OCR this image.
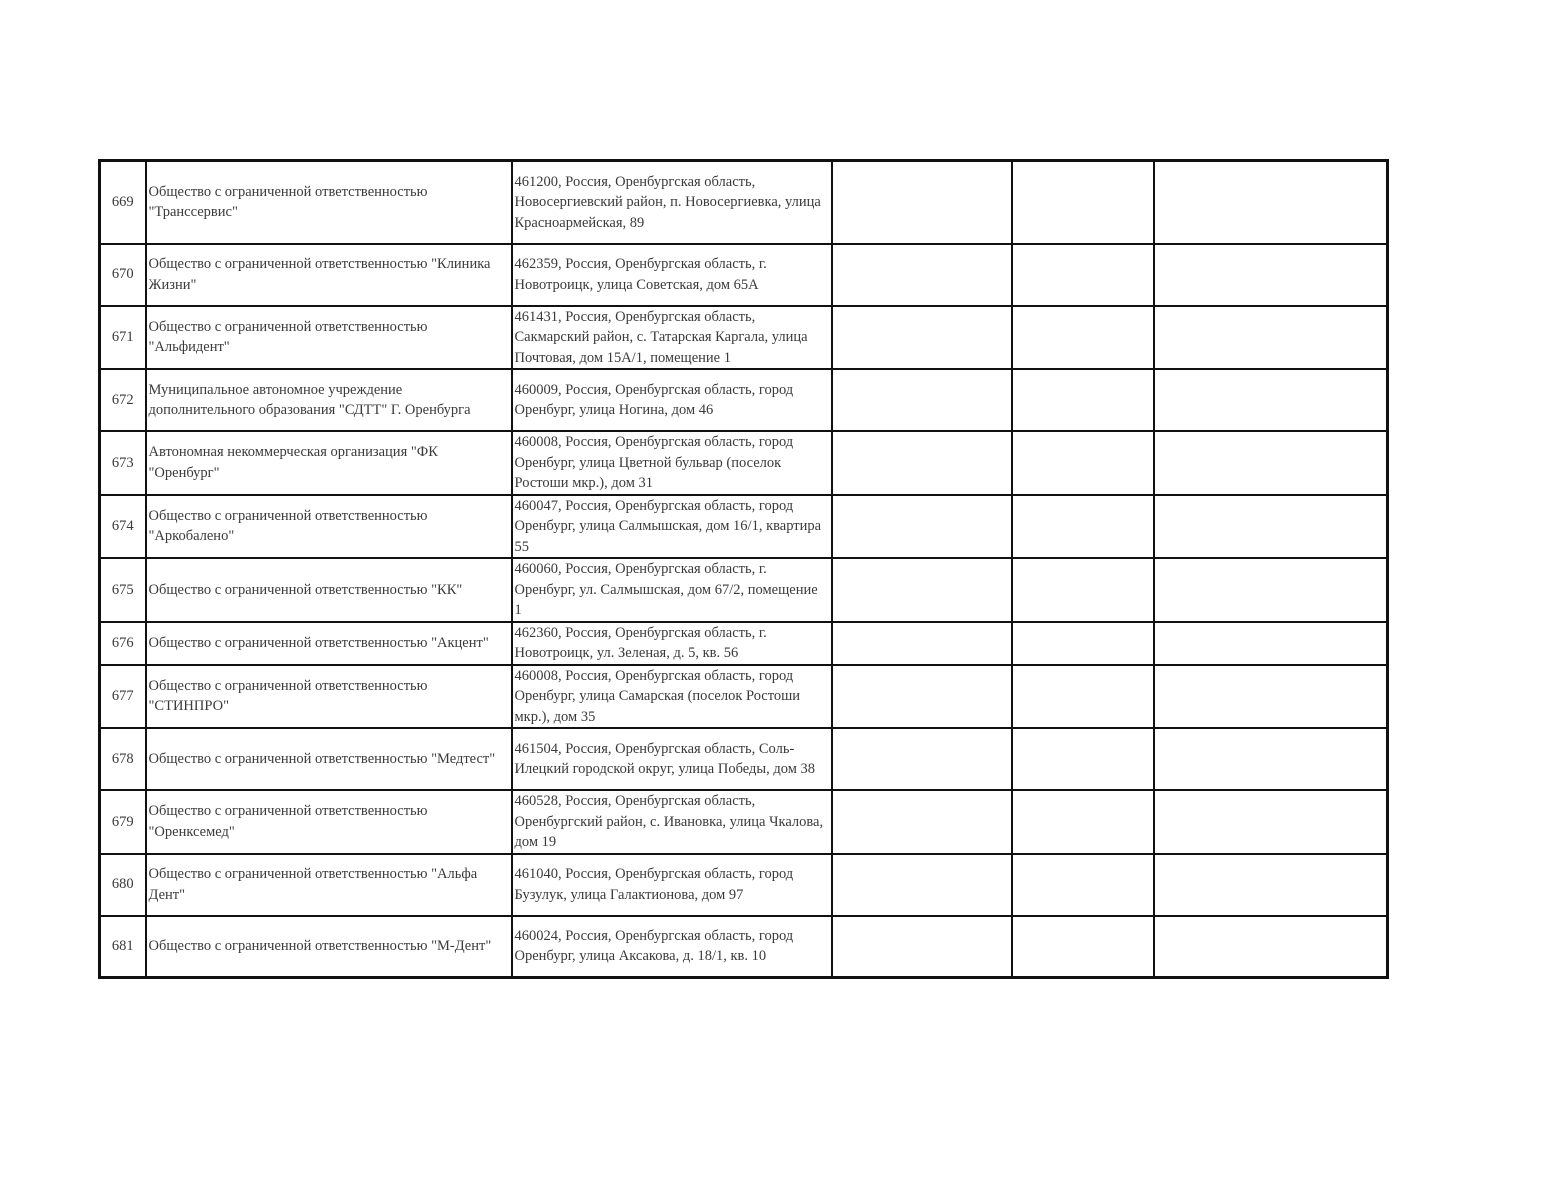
669	Общество с ограниченной ответственностью "Транссервис"	461200, Россия, Оренбургская область, Новосергиевский район, п. Новосергиевка, улица Красноармейская, 89			
670	Общество с ограниченной ответственностью "Клиника Жизни"	462359, Россия, Оренбургская область, г. Новотроицк, улица Советская, дом 65А			
671	Общество с ограниченной ответственностью "Альфидент"	461431, Россия, Оренбургская область, Сакмарский район, с. Татарская Каргала, улица Почтовая, дом 15А/1, помещение 1			
672	Муниципальное автономное учреждение дополнительного образования "СДТТ" Г. Оренбурга	460009, Россия, Оренбургская область, город Оренбург, улица Ногина, дом 46			
673	Автономная некоммерческая организация "ФК "Оренбург"	460008, Россия, Оренбургская область, город Оренбург, улица Цветной бульвар (поселок Ростоши мкр.), дом 31			
674	Общество с ограниченной ответственностью "Аркобалено"	460047, Россия, Оренбургская область, город Оренбург, улица Салмышская, дом 16/1, квартира 55			
675	Общество с ограниченной ответственностью "КК"	460060, Россия, Оренбургская область, г. Оренбург, ул. Салмышская, дом 67/2, помещение 1			
676	Общество с ограниченной ответственностью "Акцент"	462360, Россия, Оренбургская область, г. Новотроицк, ул. Зеленая, д. 5, кв. 56			
677	Общество с ограниченной ответственностью "СТИНПРО"	460008, Россия, Оренбургская область, город Оренбург, улица Самарская (поселок Ростоши мкр.), дом 35			
678	Общество с ограниченной ответственностью "Медтест"	461504, Россия, Оренбургская область, Соль-Илецкий городской округ, улица Победы, дом 38			
679	Общество с ограниченной ответственностью "Оренксемед"	460528, Россия, Оренбургская область, Оренбургский район, с. Ивановка, улица Чкалова, дом 19			
680	Общество с ограниченной ответственностью "Альфа Дент"	461040, Россия, Оренбургская область, город Бузулук, улица Галактионова, дом 97			
681	Общество с ограниченной ответственностью "М-Дент"	460024, Россия, Оренбургская область, город Оренбург, улица Аксакова, д. 18/1, кв. 10			
